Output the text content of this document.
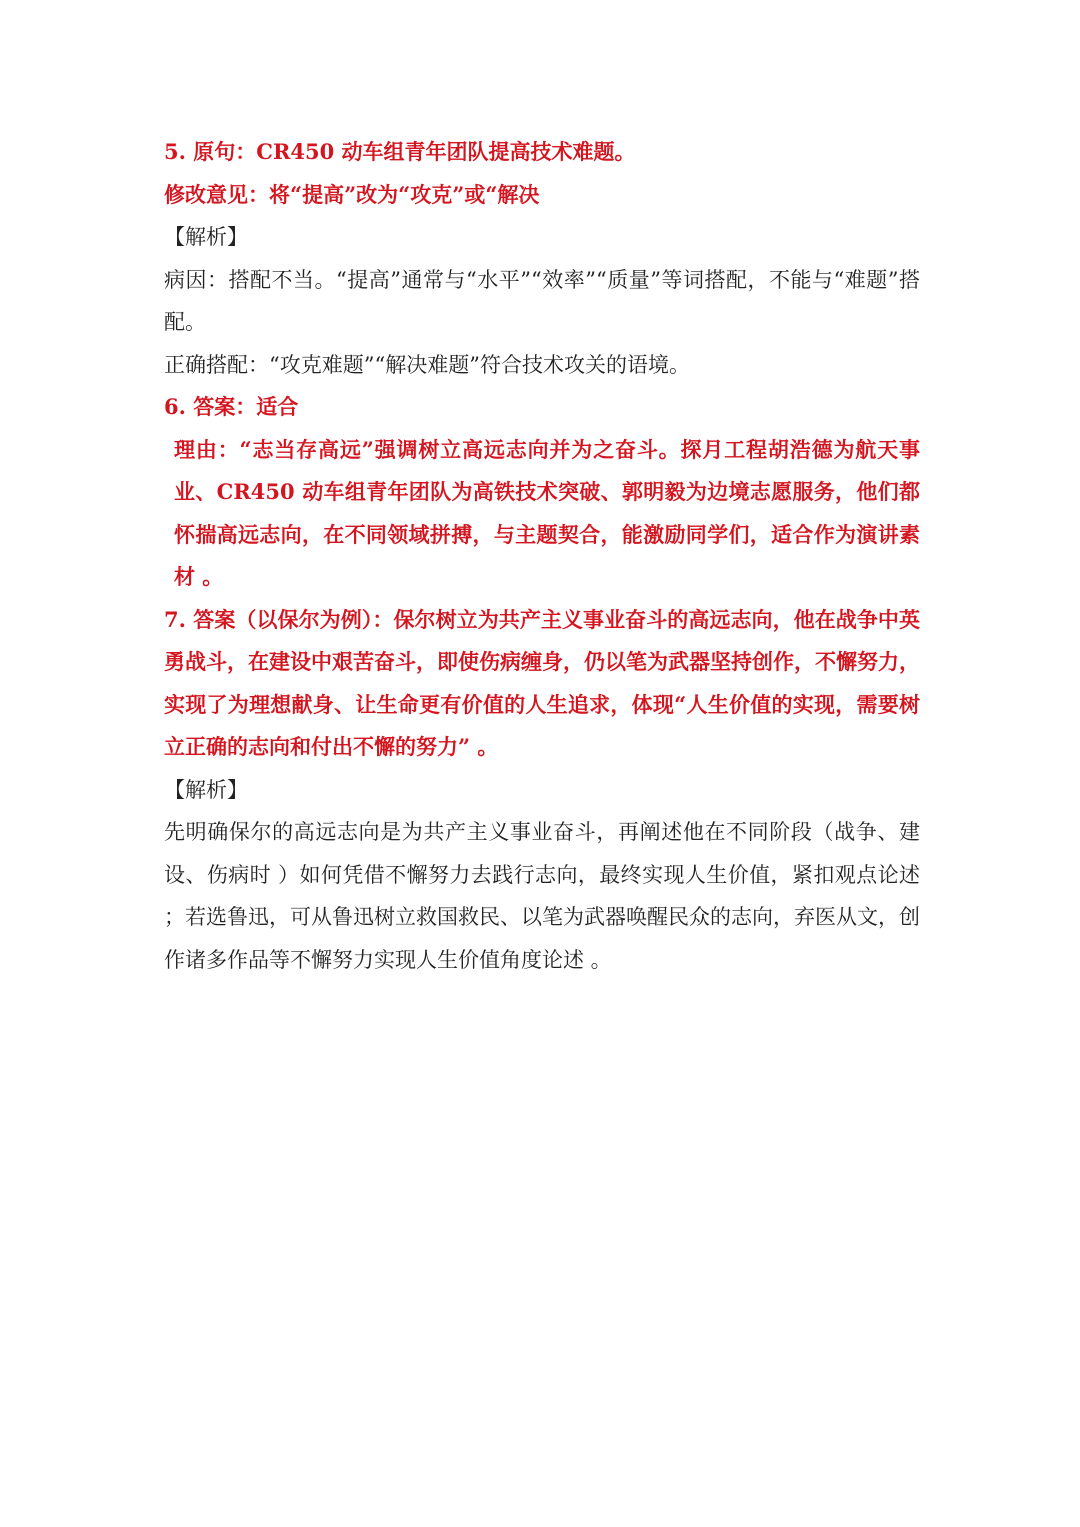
5. 原句：CR450 动车组青年团队提高技术难题。
修改意见：将“提高”改为“攻克”或“解决
【解析】
病因：搭配不当。“提高”通常与“水平”“效率”“质量”等词搭配，不能与“难题”搭配。
正确搭配：“攻克难题”“解决难题”符合技术攻关的语境。
6. 答案：适合
理由：“志当存高远”强调树立高远志向并为之奋斗。探月工程胡浩德为航天事业、CR450 动车组青年团队为高铁技术突破、郭明毅为边境志愿服务，他们都怀揣高远志向，在不同领域拼搏，与主题契合，能激励同学们，适合作为演讲素材 。
7. 答案（以保尔为例）：保尔树立为共产主义事业奋斗的高远志向，他在战争中英勇战斗，在建设中艰苦奋斗，即使伤病缠身，仍以笔为武器坚持创作，不懈努力，实现了为理想献身、让生命更有价值的人生追求，体现“人生价值的实现，需要树立正确的志向和付出不懈的努力” 。
【解析】
先明确保尔的高远志向是为共产主义事业奋斗，再阐述他在不同阶段（战争、建设、伤病时 ）如何凭借不懈努力去践行志向，最终实现人生价值，紧扣观点论述 ；若选鲁迅，可从鲁迅树立救国救民、以笔为武器唤醒民众的志向，弃医从文，创作诸多作品等不懈努力实现人生价值角度论述 。
